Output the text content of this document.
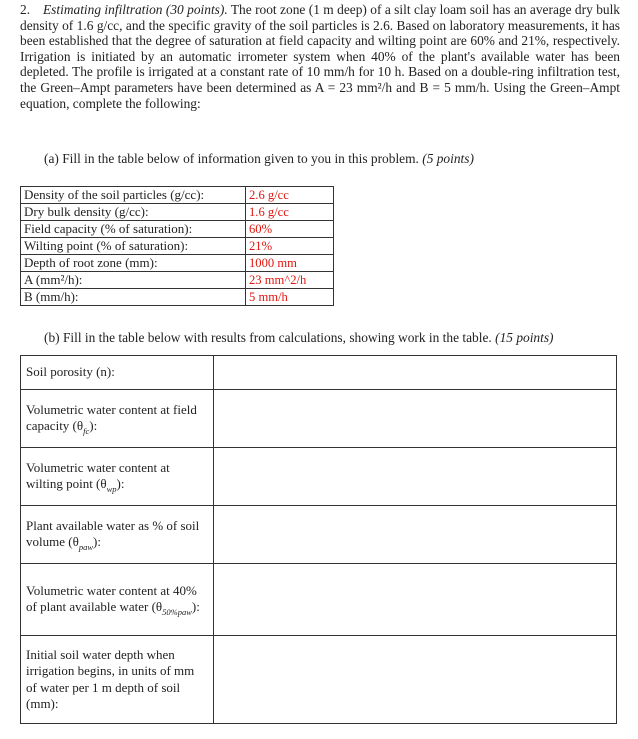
2. Estimating infiltration (30 points). The root zone (1 m deep) of a silt clay loam soil has an average dry bulk density of 1.6 g/cc, and the specific gravity of the soil particles is 2.6. Based on laboratory measurements, it has been established that the degree of saturation at field capacity and wilting point are 60% and 21%, respectively. Irrigation is initiated by an automatic irrometer system when 40% of the plant's available water has been depleted. The profile is irrigated at a constant rate of 10 mm/h for 10 h. Based on a double-ring infiltration test, the Green–Ampt parameters have been determined as A = 23 mm²/h and B = 5 mm/h. Using the Green–Ampt equation, complete the following:
(a) Fill in the table below of information given to you in this problem. (5 points)
Density of the soil particles (g/cc):	2.6 g/cc
Dry bulk density (g/cc):	1.6 g/cc
Field capacity (% of saturation):	60%
Wilting point (% of saturation):	21%
Depth of root zone (mm):	1000 mm
A (mm²/h):	23 mm^2/h
B (mm/h):	5 mm/h
(b) Fill in the table below with results from calculations, showing work in the table. (15 points)
Soil porosity (n):	

Volumetric water content at field capacity $(\theta_{fc})$:	

Volumetric water content at wilting point $(\theta_{wp})$:	

Plant available water as % of soil volume $(\theta_{paw})$:	

Volumetric water content at 40% of plant available water $(\theta_{50\%paw})$:	

Initial soil water depth when irrigation begins, in units of mm of water per 1 m depth of soil (mm):	
